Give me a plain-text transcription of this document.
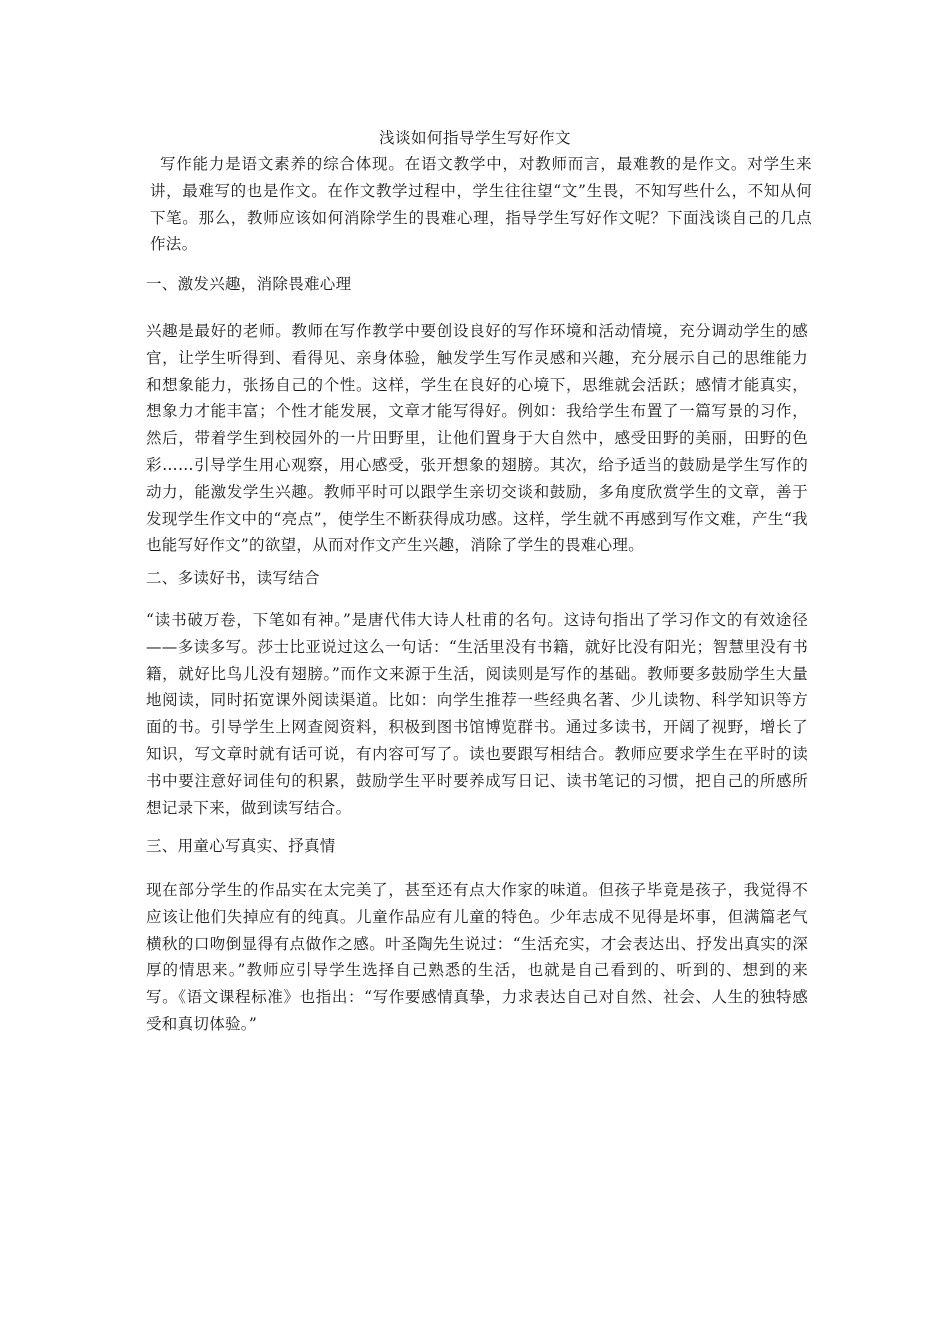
浅谈如何指导学生写好作文
写作能力是语文素养的综合体现。在语文教学中，对教师而言，最难教的是作文。对学生来讲，最难写的也是作文。在作文教学过程中，学生往往望“文”生畏，不知写些什么，不知从何下笔。那么，教师应该如何消除学生的畏难心理，指导学生写好作文呢？下面浅谈自己的几点作法。
一、激发兴趣，消除畏难心理
兴趣是最好的老师。教师在写作教学中要创设良好的写作环境和活动情境，充分调动学生的感官，让学生听得到、看得见、亲身体验，触发学生写作灵感和兴趣，充分展示自己的思维能力和想象能力，张扬自己的个性。这样，学生在良好的心境下，思维就会活跃；感情才能真实，想象力才能丰富；个性才能发展，文章才能写得好。例如：我给学生布置了一篇写景的习作，然后，带着学生到校园外的一片田野里，让他们置身于大自然中，感受田野的美丽，田野的色彩……引导学生用心观察，用心感受，张开想象的翅膀。其次，给予适当的鼓励是学生写作的动力，能激发学生兴趣。教师平时可以跟学生亲切交谈和鼓励，多角度欣赏学生的文章，善于发现学生作文中的“亮点”，使学生不断获得成功感。这样，学生就不再感到写作文难，产生“我也能写好作文”的欲望，从而对作文产生兴趣，消除了学生的畏难心理。
二、多读好书，读写结合
“读书破万卷，下笔如有神。”是唐代伟大诗人杜甫的名句。这诗句指出了学习作文的有效途径——多读多写。莎士比亚说过这么一句话：“生活里没有书籍，就好比没有阳光；智慧里没有书籍，就好比鸟儿没有翅膀。”而作文来源于生活，阅读则是写作的基础。教师要多鼓励学生大量地阅读，同时拓宽课外阅读渠道。比如：向学生推荐一些经典名著、少儿读物、科学知识等方面的书。引导学生上网查阅资料，积极到图书馆博览群书。通过多读书，开阔了视野，增长了知识，写文章时就有话可说，有内容可写了。读也要跟写相结合。教师应要求学生在平时的读书中要注意好词佳句的积累，鼓励学生平时要养成写日记、读书笔记的习惯，把自己的所感所想记录下来，做到读写结合。
三、用童心写真实、抒真情
现在部分学生的作品实在太完美了，甚至还有点大作家的味道。但孩子毕竟是孩子，我觉得不应该让他们失掉应有的纯真。儿童作品应有儿童的特色。少年志成不见得是坏事，但满篇老气横秋的口吻倒显得有点做作之感。叶圣陶先生说过：“生活充实，才会表达出、抒发出真实的深厚的情思来。”教师应引导学生选择自己熟悉的生活，也就是自己看到的、听到的、想到的来写。《语文课程标准》也指出：“写作要感情真挚，力求表达自己对自然、社会、人生的独特感受和真切体验。”
